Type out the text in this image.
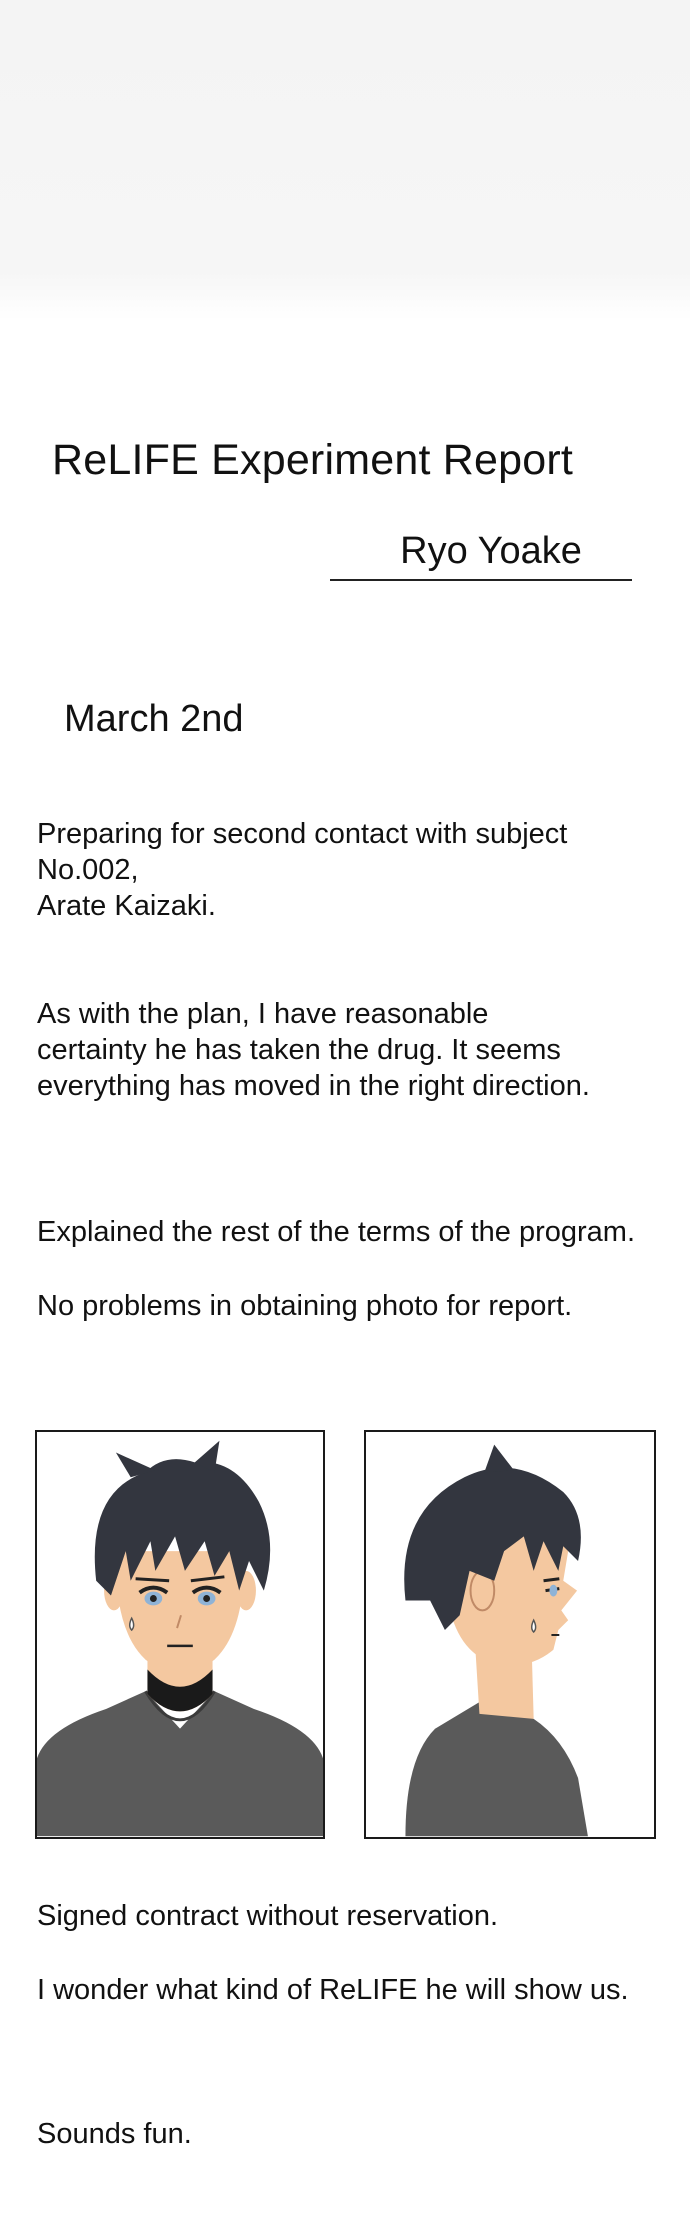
ReLIFE Experiment Report
Ryo Yoake
March 2nd

Preparing for second contact with subject
No.002,
Arate Kaizaki.

As with the plan, I have reasonable
certainty he has taken the drug. It seems
everything has moved in the right direction.

Explained the rest of the terms of the program.

No problems in obtaining photo for report.

Signed contract without reservation.

I wonder what kind of ReLIFE he will show us.

Sounds fun.
